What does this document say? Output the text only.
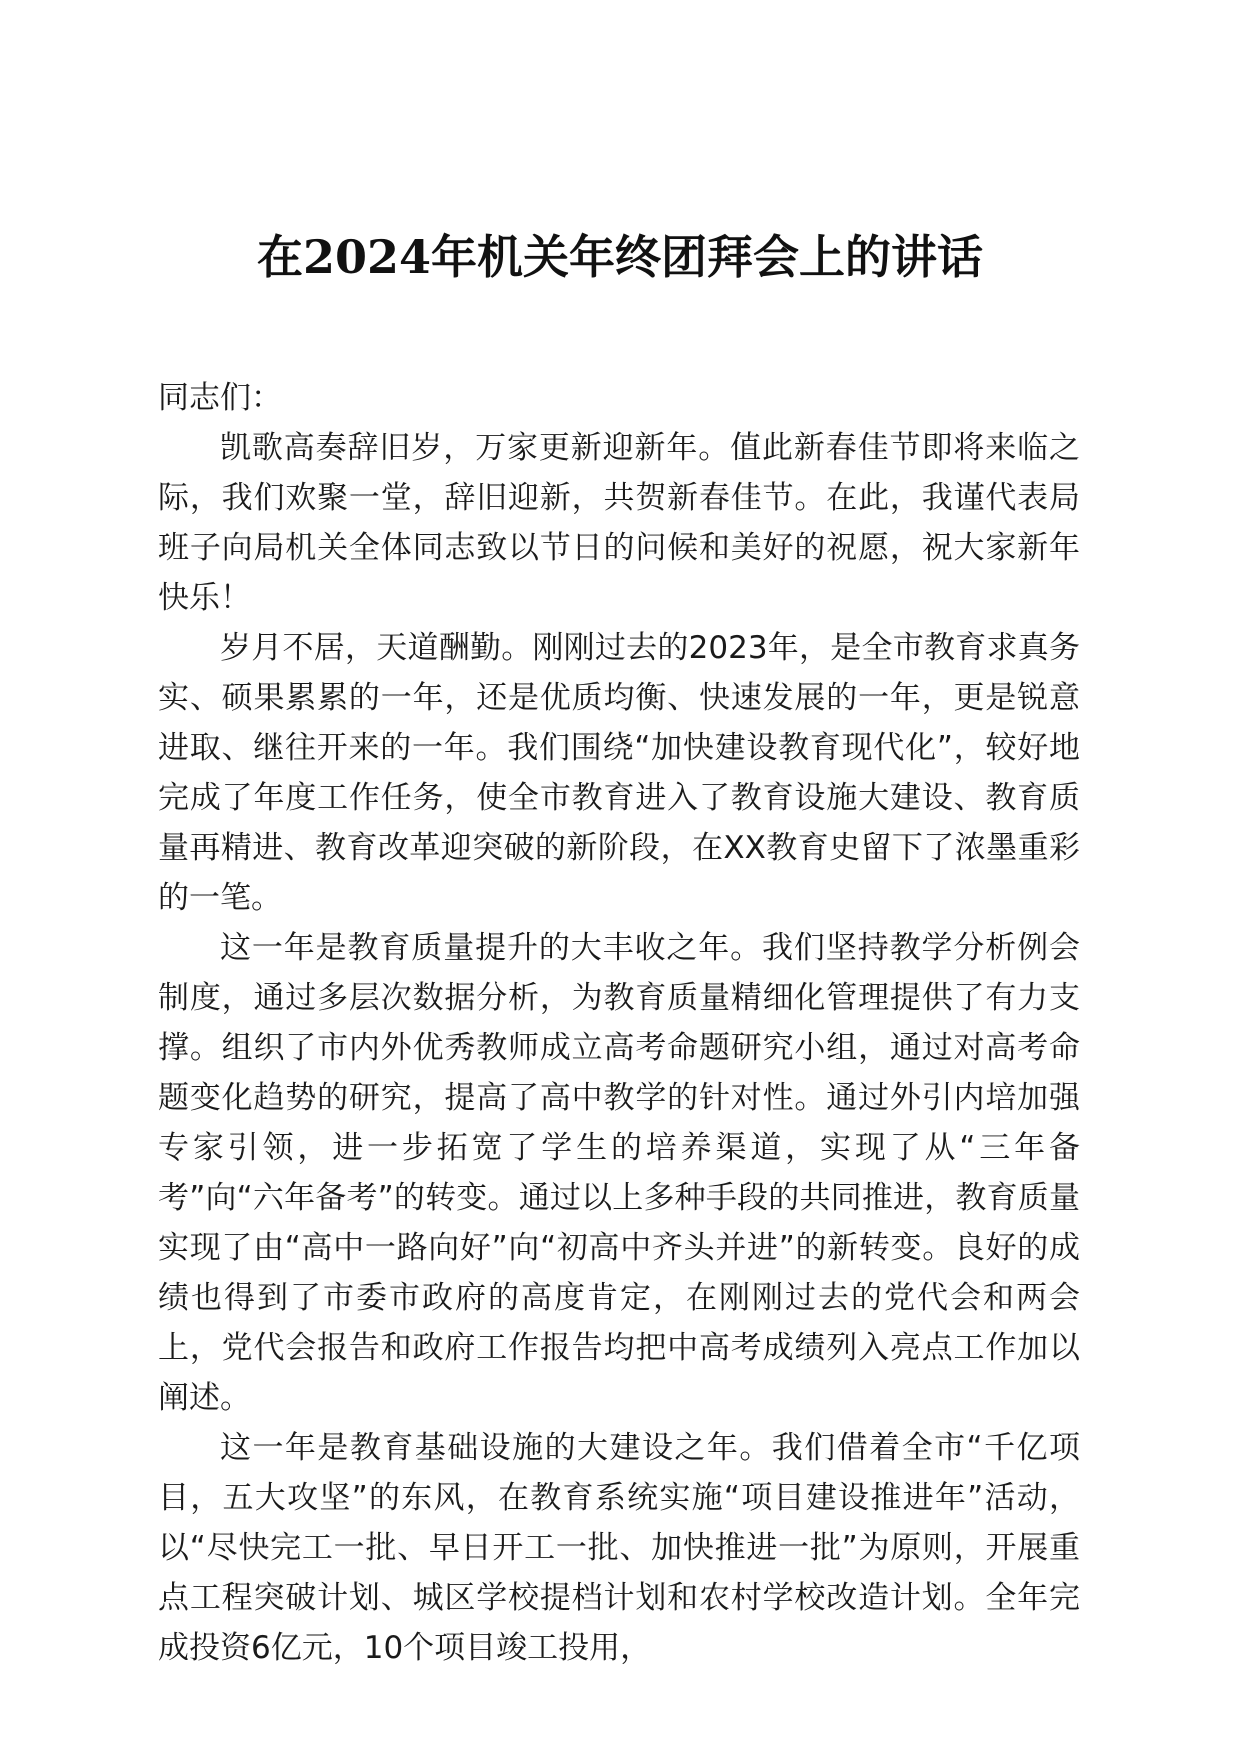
在2024年机关年终团拜会上的讲话

同志们：

凯歌高奏辞旧岁，万家更新迎新年。值此新春佳节即将来临之际，我们欢聚一堂，辞旧迎新，共贺新春佳节。在此，我谨代表局班子向局机关全体同志致以节日的问候和美好的祝愿，祝大家新年快乐！

岁月不居，天道酬勤。刚刚过去的2023年，是全市教育求真务实、硕果累累的一年，还是优质均衡、快速发展的一年，更是锐意进取、继往开来的一年。我们围绕“加快建设教育现代化”，较好地完成了年度工作任务，使全市教育进入了教育设施大建设、教育质量再精进、教育改革迎突破的新阶段，在XX教育史留下了浓墨重彩的一笔。

这一年是教育质量提升的大丰收之年。我们坚持教学分析例会制度，通过多层次数据分析，为教育质量精细化管理提供了有力支撑。组织了市内外优秀教师成立高考命题研究小组，通过对高考命题变化趋势的研究，提高了高中教学的针对性。通过外引内培加强专家引领，进一步拓宽了学生的培养渠道，实现了从“三年备考”向“六年备考”的转变。通过以上多种手段的共同推进，教育质量实现了由“高中一路向好”向“初高中齐头并进”的新转变。良好的成绩也得到了市委市政府的高度肯定，在刚刚过去的党代会和两会上，党代会报告和政府工作报告均把中高考成绩列入亮点工作加以阐述。

这一年是教育基础设施的大建设之年。我们借着全市“千亿项目，五大攻坚”的东风，在教育系统实施“项目建设推进年”活动，以“尽快完工一批、早日开工一批、加快推进一批”为原则，开展重点工程突破计划、城区学校提档计划和农村学校改造计划。全年完成投资6亿元，10个项目竣工投用，
